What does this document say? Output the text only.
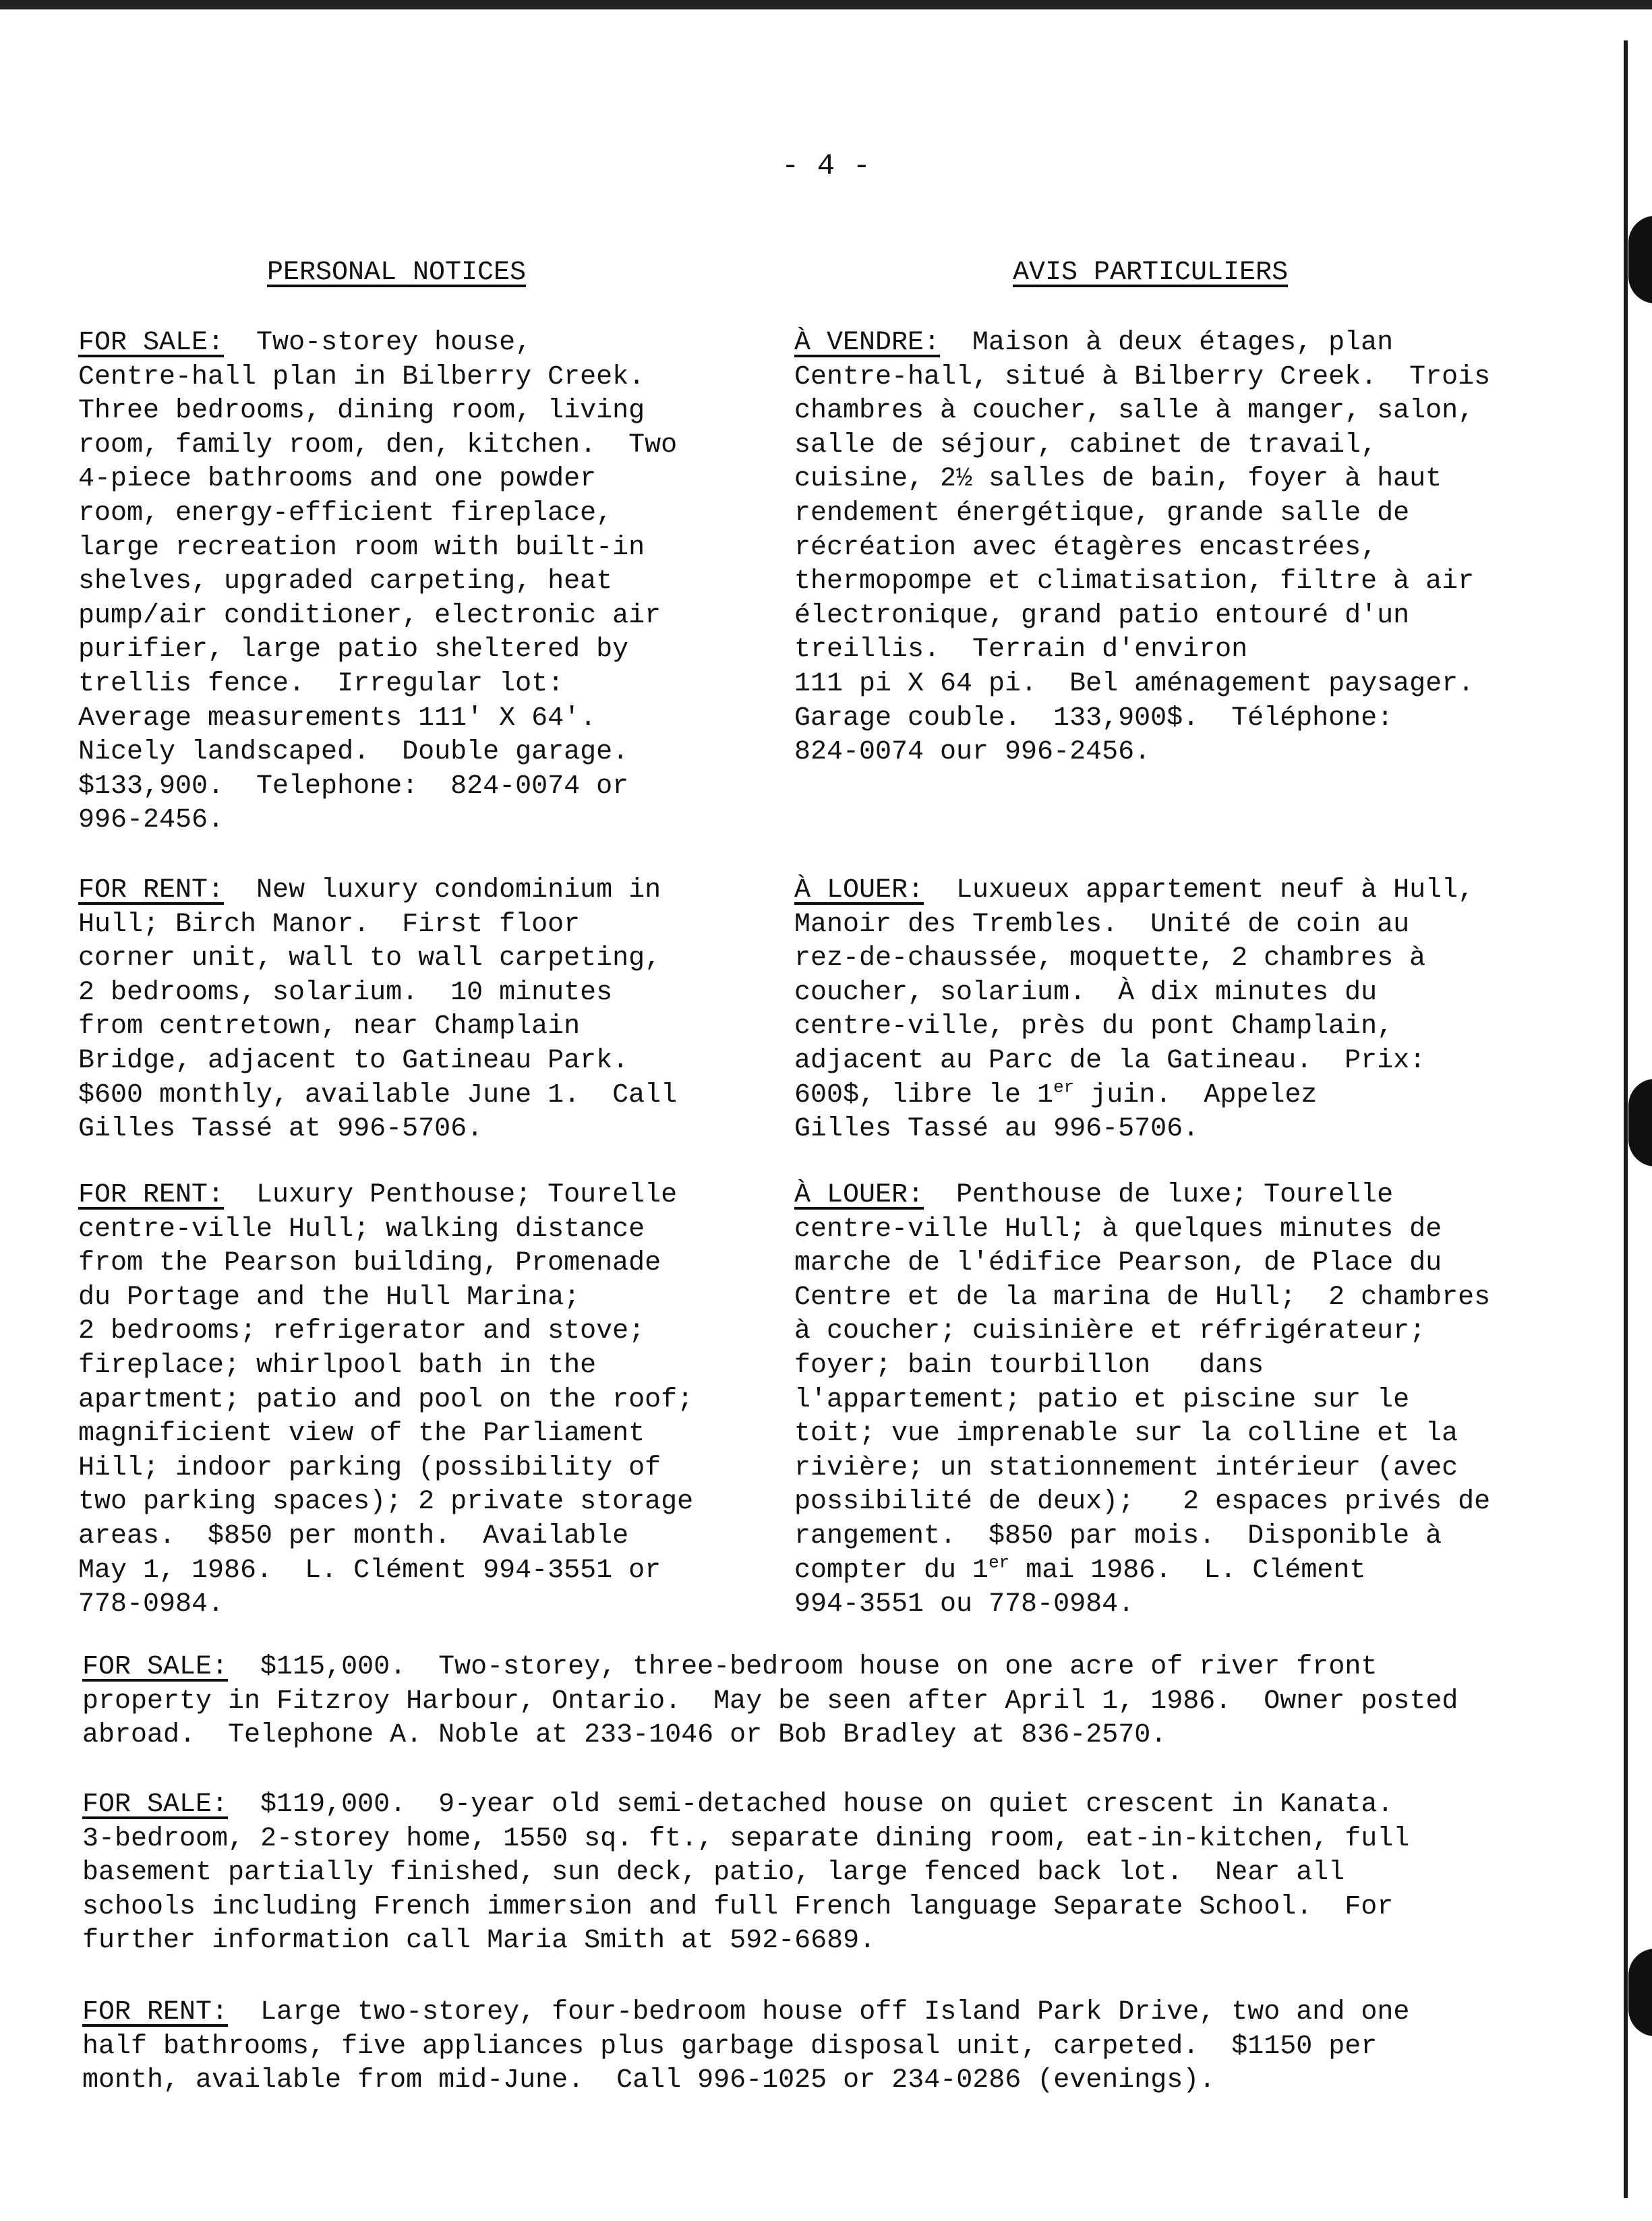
- 4 -
PERSONAL NOTICES	AVIS PARTICULIERS
FOR SALE:  Two-storey house,
Centre-hall plan in Bilberry Creek.
Three bedrooms, dining room, living
room, family room, den, kitchen.  Two
4-piece bathrooms and one powder
room, energy-efficient fireplace,
large recreation room with built-in
shelves, upgraded carpeting, heat
pump/air conditioner, electronic air
purifier, large patio sheltered by
trellis fence.  Irregular lot:
Average measurements 111' X 64'.
Nicely landscaped.  Double garage.
$133,900.  Telephone:  824-0074 or
996-2456.
FOR RENT:  New luxury condominium in
Hull; Birch Manor.  First floor
corner unit, wall to wall carpeting,
2 bedrooms, solarium.  10 minutes
from centretown, near Champlain
Bridge, adjacent to Gatineau Park.
$600 monthly, available June 1.  Call
Gilles Tassé at 996-5706.
FOR RENT:  Luxury Penthouse; Tourelle
centre-ville Hull; walking distance
from the Pearson building, Promenade
du Portage and the Hull Marina;
2 bedrooms; refrigerator and stove;
fireplace; whirlpool bath in the
apartment; patio and pool on the roof;
magnificient view of the Parliament
Hill; indoor parking (possibility of
two parking spaces); 2 private storage
areas.  $850 per month.  Available
May 1, 1986.  L. Clément 994-3551 or
778-0984.
À VENDRE:  Maison à deux étages, plan
Centre-hall, situé à Bilberry Creek.  Trois
chambres à coucher, salle à manger, salon,
salle de séjour, cabinet de travail,
cuisine, 2½ salles de bain, foyer à haut
rendement énergétique, grande salle de
récréation avec étagères encastrées,
thermopompe et climatisation, filtre à air
électronique, grand patio entouré d'un
treillis.  Terrain d'environ
111 pi X 64 pi.  Bel aménagement paysager.
Garage couble.  133,900$.  Téléphone:
824-0074 our 996-2456.
À LOUER:  Luxueux appartement neuf à Hull,
Manoir des Trembles.  Unité de coin au
rez-de-chaussée, moquette, 2 chambres à
coucher, solarium.  À dix minutes du
centre-ville, près du pont Champlain,
adjacent au Parc de la Gatineau.  Prix:
600$, libre le 1er juin.  Appelez
Gilles Tassé au 996-5706.
À LOUER:  Penthouse de luxe; Tourelle
centre-ville Hull; à quelques minutes de
marche de l'édifice Pearson, de Place du
Centre et de la marina de Hull;  2 chambres
à coucher; cuisinière et réfrigérateur;
foyer; bain tourbillon   dans
l'appartement; patio et piscine sur le
toit; vue imprenable sur la colline et la
rivière; un stationnement intérieur (avec
possibilité de deux);   2 espaces privés de
rangement.  $850 par mois.  Disponible à
compter du 1er mai 1986.  L. Clément
994-3551 ou 778-0984.
FOR SALE:  $115,000.  Two-storey, three-bedroom house on one acre of river front
property in Fitzroy Harbour, Ontario.  May be seen after April 1, 1986.  Owner posted
abroad.  Telephone A. Noble at 233-1046 or Bob Bradley at 836-2570.
FOR SALE:  $119,000.  9-year old semi-detached house on quiet crescent in Kanata.
3-bedroom, 2-storey home, 1550 sq. ft., separate dining room, eat-in-kitchen, full
basement partially finished, sun deck, patio, large fenced back lot.  Near all
schools including French immersion and full French language Separate School.  For
further information call Maria Smith at 592-6689.
FOR RENT:  Large two-storey, four-bedroom house off Island Park Drive, two and one
half bathrooms, five appliances plus garbage disposal unit, carpeted.  $1150 per
month, available from mid-June.  Call 996-1025 or 234-0286 (evenings).
